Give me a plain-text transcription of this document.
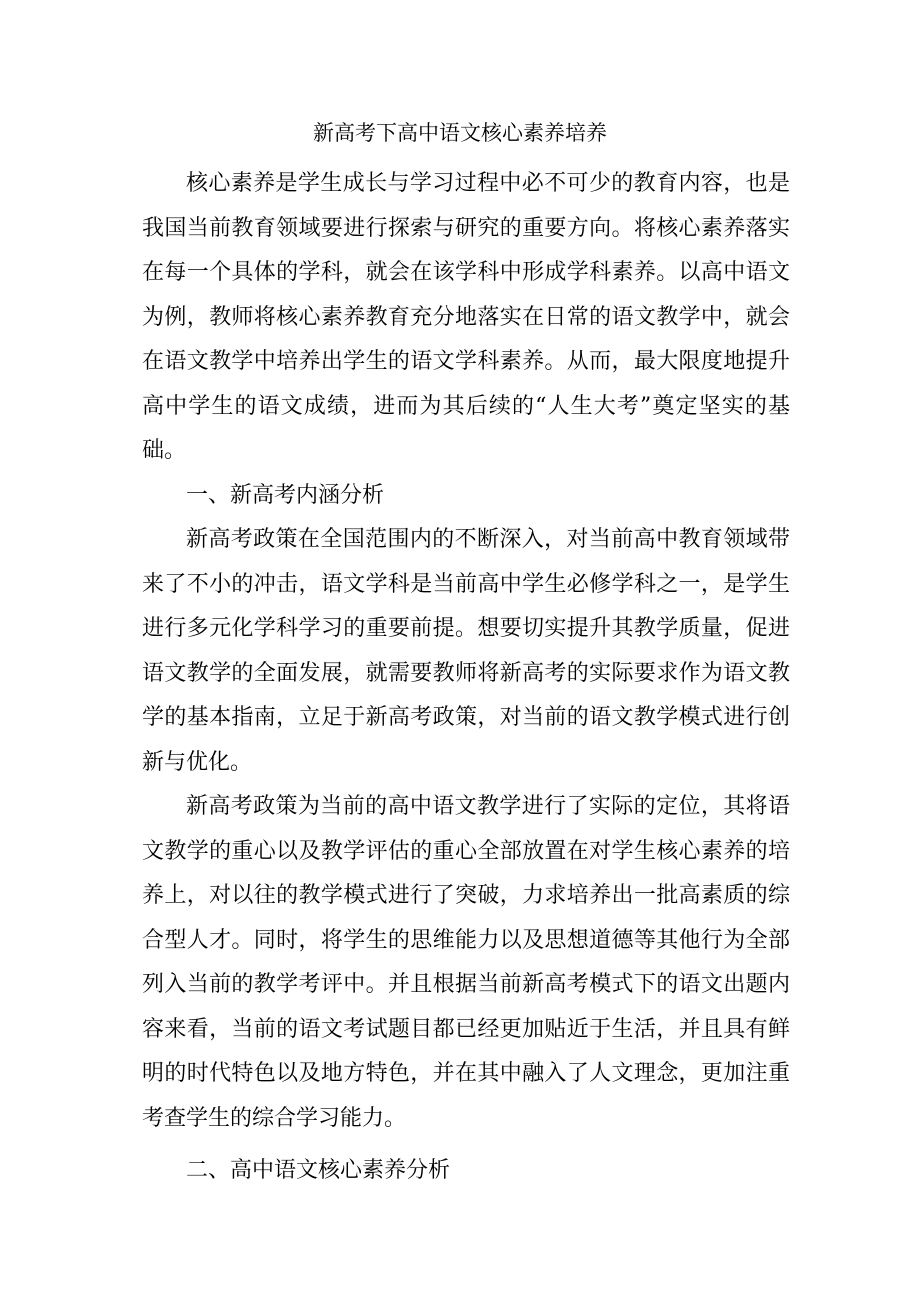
新高考下高中语文核心素养培养

核心素养是学生成长与学习过程中必不可少的教育内容，也是我国当前教育领域要进行探索与研究的重要方向。将核心素养落实在每一个具体的学科，就会在该学科中形成学科素养。以高中语文为例，教师将核心素养教育充分地落实在日常的语文教学中，就会在语文教学中培养出学生的语文学科素养。从而，最大限度地提升高中学生的语文成绩，进而为其后续的“人生大考”奠定坚实的基础。

一、新高考内涵分析

新高考政策在全国范围内的不断深入，对当前高中教育领域带来了不小的冲击，语文学科是当前高中学生必修学科之一，是学生进行多元化学科学习的重要前提。想要切实提升其教学质量，促进语文教学的全面发展，就需要教师将新高考的实际要求作为语文教学的基本指南，立足于新高考政策，对当前的语文教学模式进行创新与优化。

新高考政策为当前的高中语文教学进行了实际的定位，其将语文教学的重心以及教学评估的重心全部放置在对学生核心素养的培养上，对以往的教学模式进行了突破，力求培养出一批高素质的综合型人才。同时，将学生的思维能力以及思想道德等其他行为全部列入当前的教学考评中。并且根据当前新高考模式下的语文出题内容来看，当前的语文考试题目都已经更加贴近于生活，并且具有鲜明的时代特色以及地方特色，并在其中融入了人文理念，更加注重考查学生的综合学习能力。

二、高中语文核心素养分析
